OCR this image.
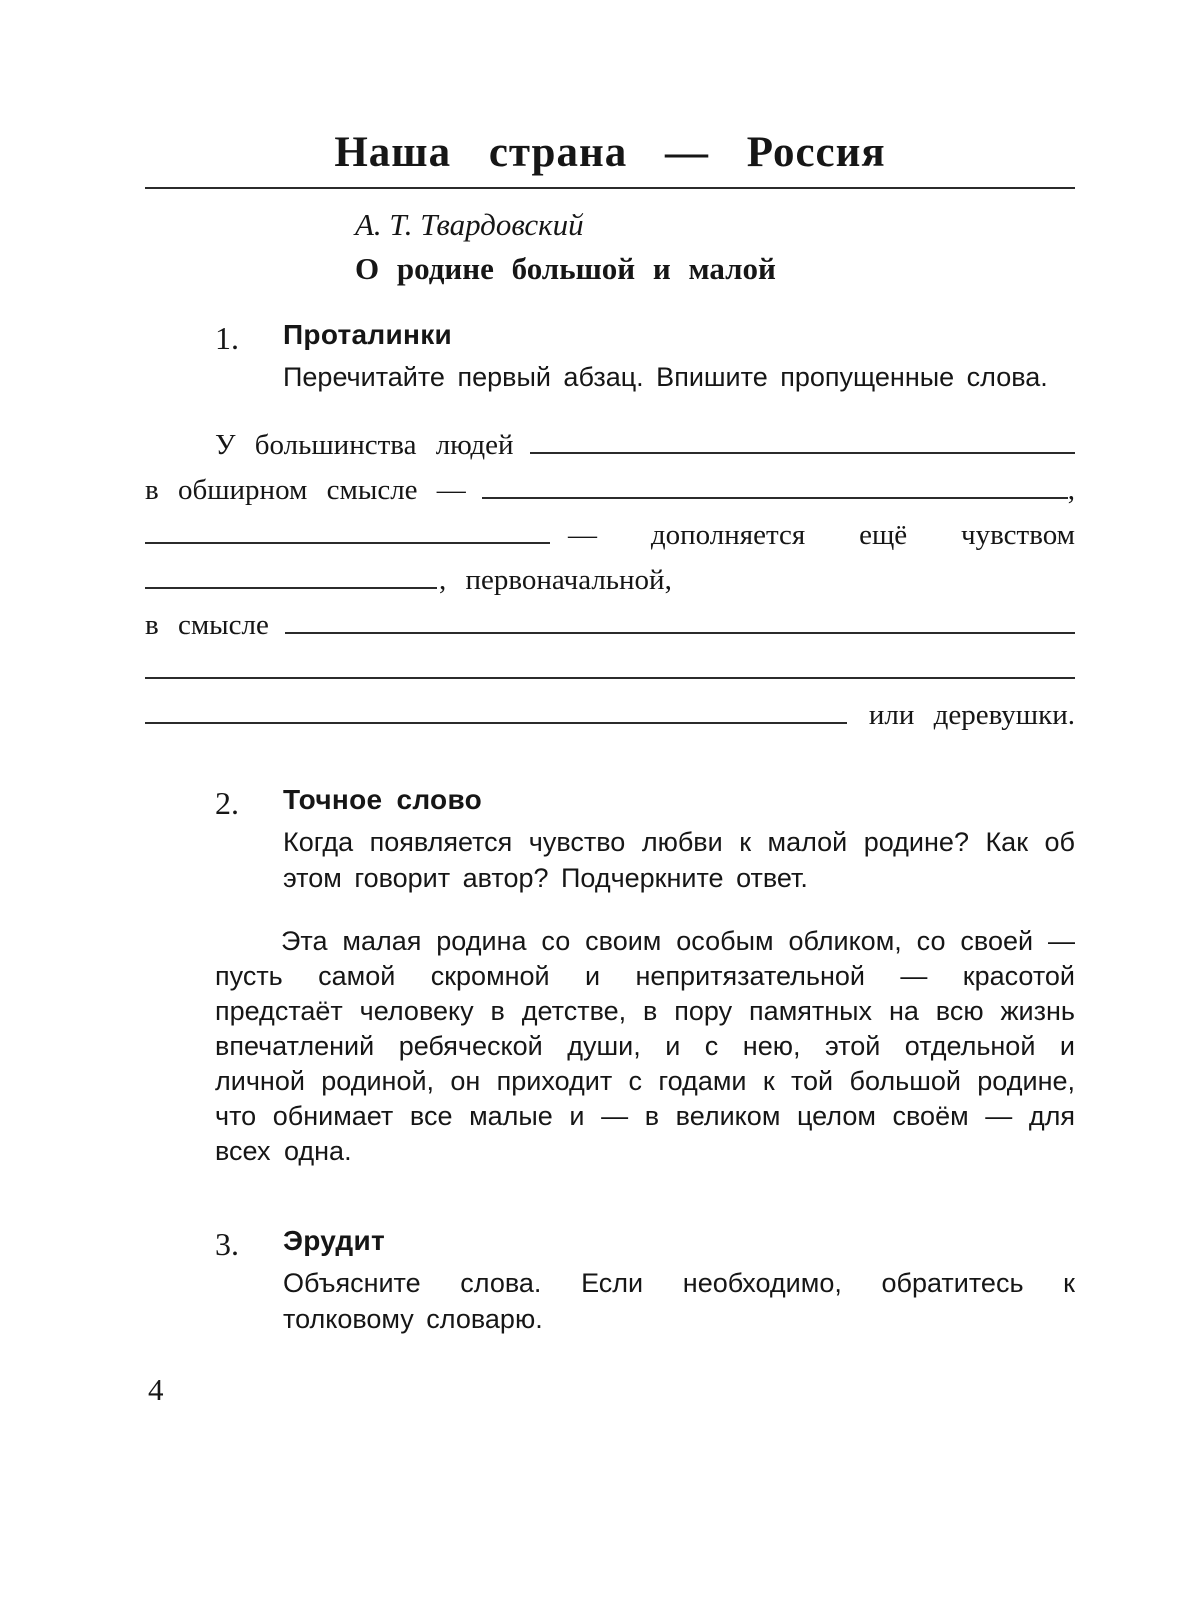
Наша страна — Россия
А. Т. Твардовский
О родине большой и малой
1.	Проталинки
Перечитайте первый абзац. Впишите пропущенные слова.
У большинства людей
в обширном смысле —	,
— дополняется ещё чувством
, первоначальной,
в смысле
или деревушки.
2.	Точное слово
Когда появляется чувство любви к малой родине? Как об этом говорит автор? Подчеркните ответ.

Эта малая родина со своим особым обликом, со своей — пусть самой скромной и непритязательной — красотой предстаёт человеку в детстве, в пору памятных на всю жизнь впечатлений ребяческой души, и с нею, этой отдельной и личной родиной, он приходит с годами к той большой родине, что обнимает все малые и — в великом целом своём — для всех одна.

3.	Эрудит
Объясните слова. Если необходимо, обратитесь к толковому словарю.
4
